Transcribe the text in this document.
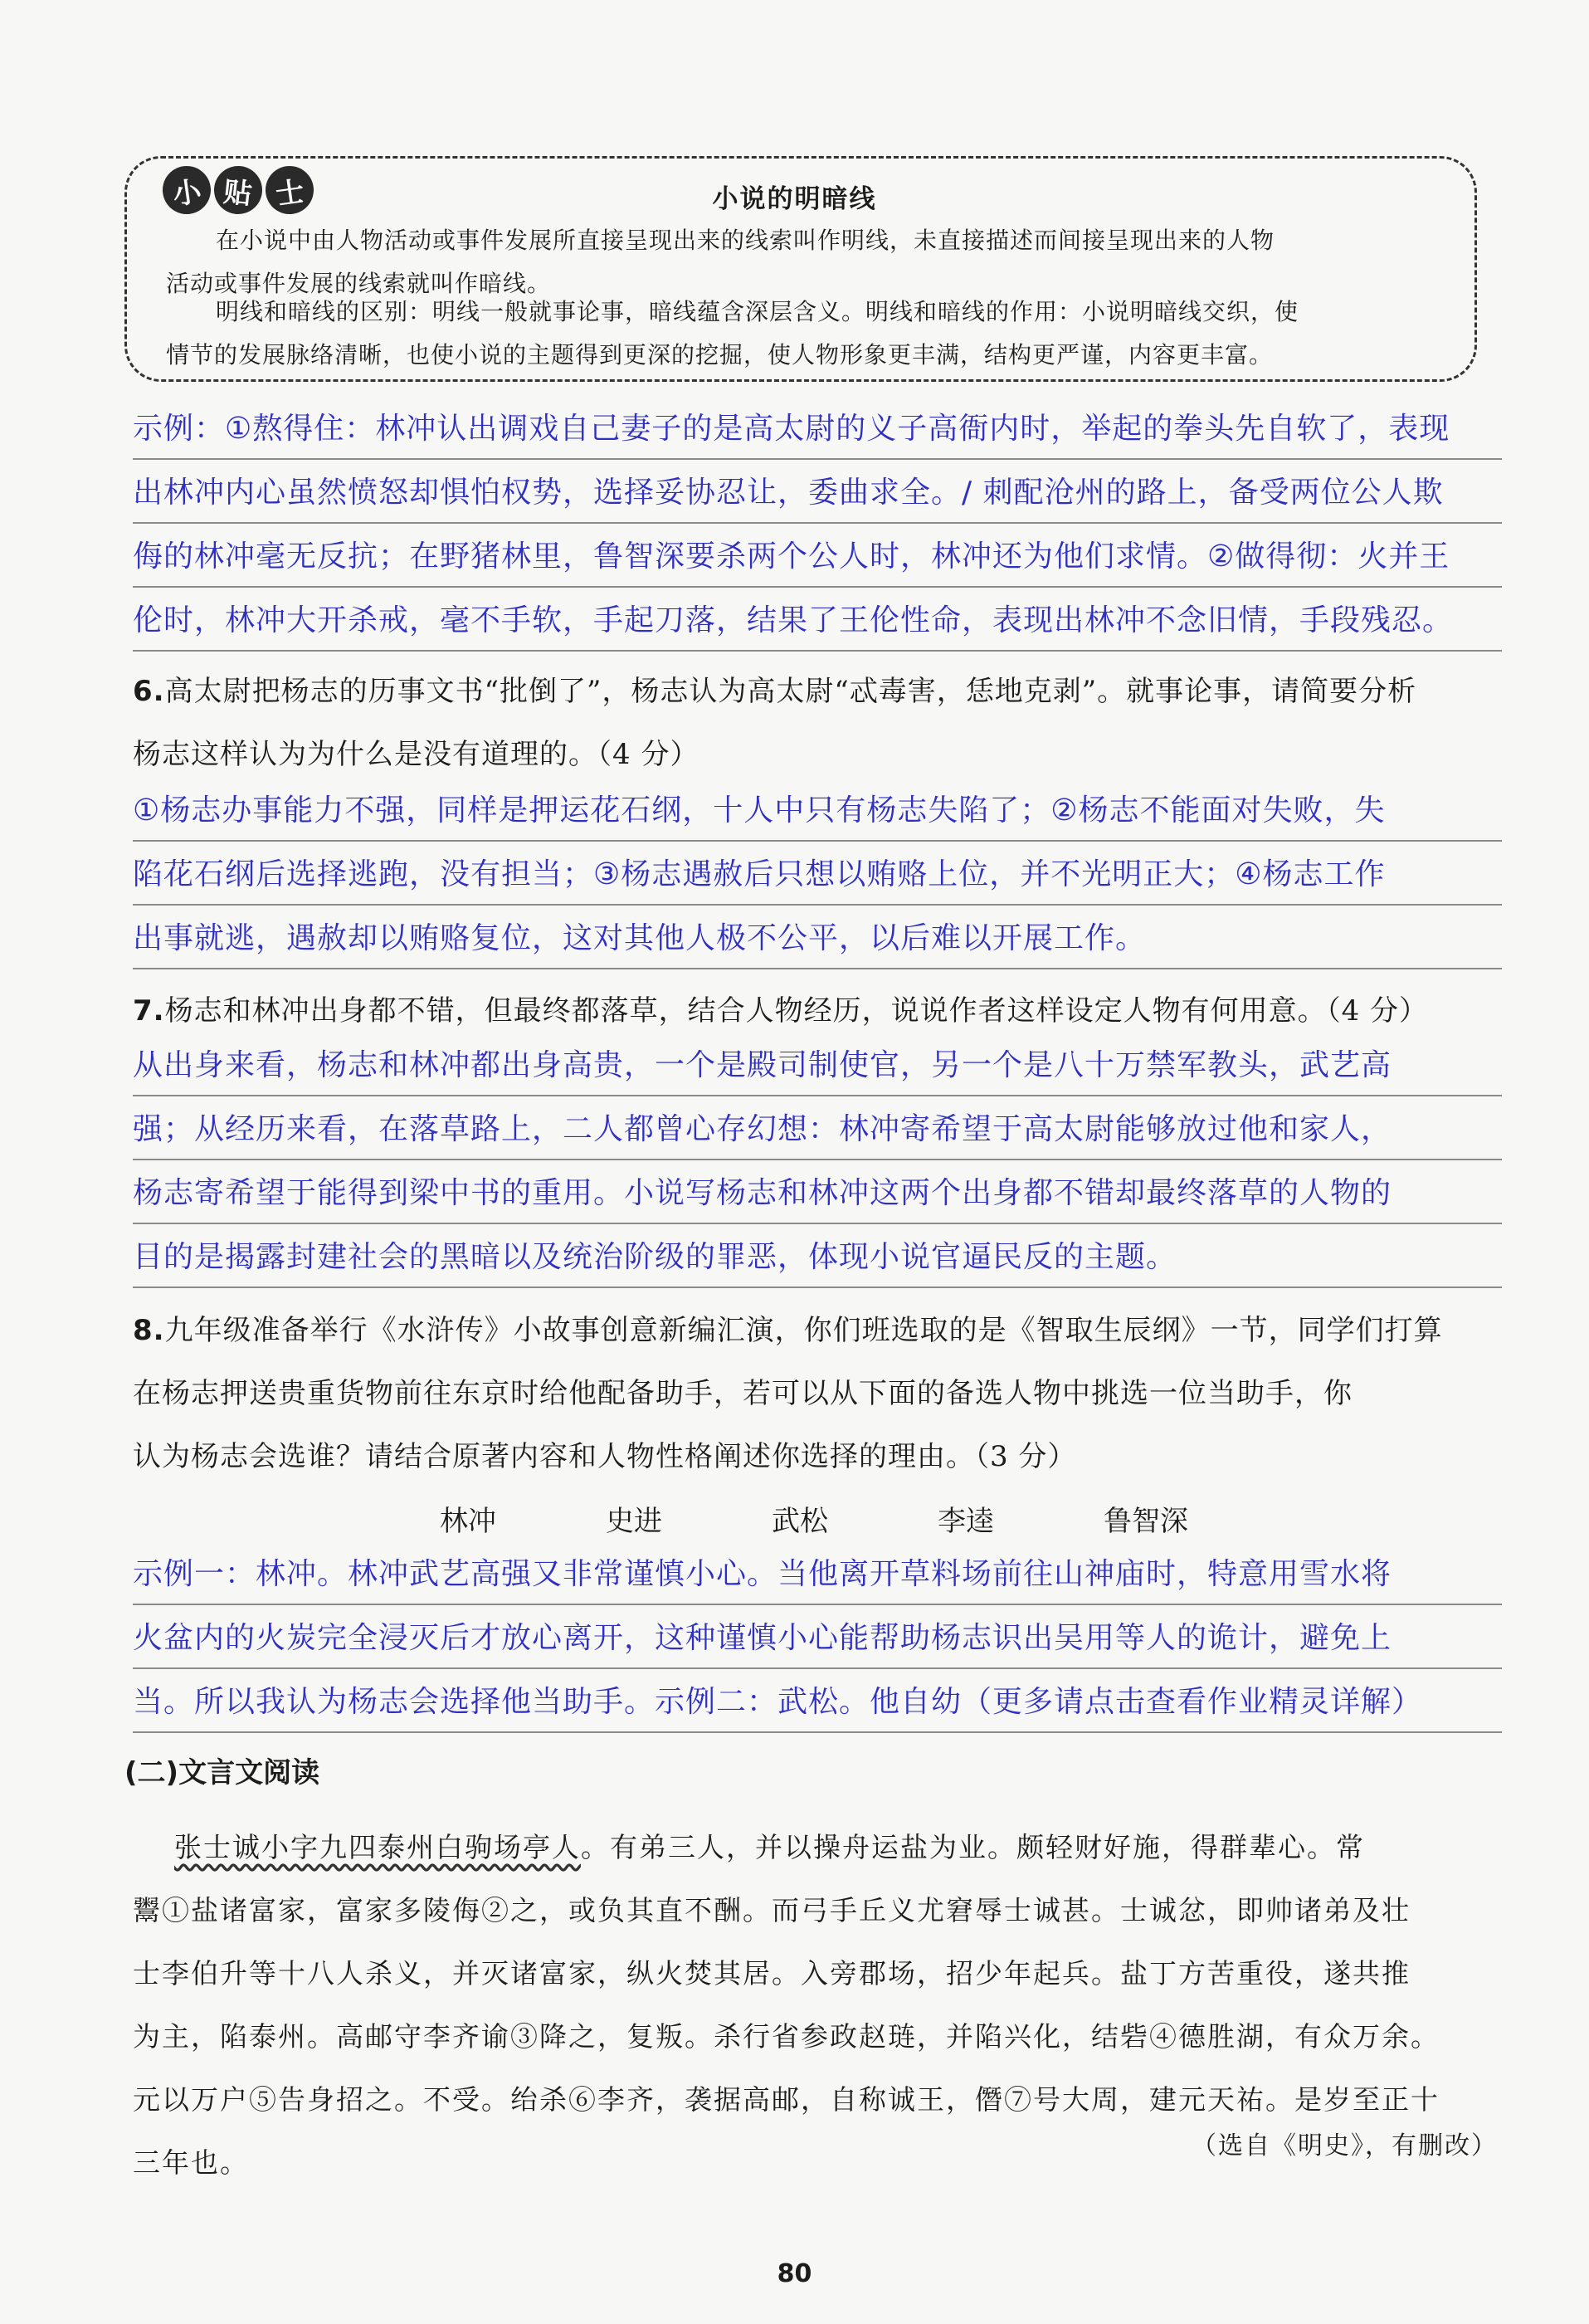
小 贴 士	小说的明暗线
在小说中由人物活动或事件发展所直接呈现出来的线索叫作明线，未直接描述而间接呈现出来的人物
活动或事件发展的线索就叫作暗线。
明线和暗线的区别：明线一般就事论事，暗线蕴含深层含义。明线和暗线的作用：小说明暗线交织，使
情节的发展脉络清晰，也使小说的主题得到更深的挖掘，使人物形象更丰满，结构更严谨，内容更丰富。
示例：①熬得住：林冲认出调戏自己妻子的是高太尉的义子高衙内时，举起的拳头先自软了，表现
出林冲内心虽然愤怒却惧怕权势，选择妥协忍让，委曲求全。/ 刺配沧州的路上，备受两位公人欺
侮的林冲毫无反抗；在野猪林里，鲁智深要杀两个公人时，林冲还为他们求情。②做得彻：火并王
伦时，林冲大开杀戒，毫不手软，手起刀落，结果了王伦性命，表现出林冲不念旧情，手段残忍。
6.高太尉把杨志的历事文书“批倒了”，杨志认为高太尉“忒毒害，恁地克剥”。就事论事，请简要分析
杨志这样认为为什么是没有道理的。（4 分）
①杨志办事能力不强，同样是押运花石纲，十人中只有杨志失陷了；②杨志不能面对失败，失
陷花石纲后选择逃跑，没有担当；③杨志遇赦后只想以贿赂上位，并不光明正大；④杨志工作
出事就逃，遇赦却以贿赂复位，这对其他人极不公平，以后难以开展工作。
7.杨志和林冲出身都不错，但最终都落草，结合人物经历，说说作者这样设定人物有何用意。（4 分）
从出身来看，杨志和林冲都出身高贵，一个是殿司制使官，另一个是八十万禁军教头，武艺高
强；从经历来看，在落草路上，二人都曾心存幻想：林冲寄希望于高太尉能够放过他和家人，
杨志寄希望于能得到梁中书的重用。小说写杨志和林冲这两个出身都不错却最终落草的人物的
目的是揭露封建社会的黑暗以及统治阶级的罪恶，体现小说官逼民反的主题。
8.九年级准备举行《水浒传》小故事创意新编汇演，你们班选取的是《智取生辰纲》一节，同学们打算
在杨志押送贵重货物前往东京时给他配备助手，若可以从下面的备选人物中挑选一位当助手，你
认为杨志会选谁？请结合原著内容和人物性格阐述你选择的理由。（3 分）
林冲	史进	武松	李逵	鲁智深
示例一：林冲。林冲武艺高强又非常谨慎小心。当他离开草料场前往山神庙时，特意用雪水将
火盆内的火炭完全浸灭后才放心离开，这种谨慎小心能帮助杨志识出吴用等人的诡计，避免上
当。所以我认为杨志会选择他当助手。示例二：武松。他自幼（更多请点击查看作业精灵详解）
(二)文言文阅读
张士诚小字九四泰州白驹场亭人。有弟三人，并以操舟运盐为业。颇轻财好施，得群辈心。常
鬻①盐诸富家，富家多陵侮②之，或负其直不酬。而弓手丘义尤窘辱士诚甚。士诚忿，即帅诸弟及壮
士李伯升等十八人杀义，并灭诸富家，纵火焚其居。入旁郡场，招少年起兵。盐丁方苦重役，遂共推
为主，陷泰州。高邮守李齐谕③降之，复叛。杀行省参政赵琏，并陷兴化，结砦④德胜湖，有众万余。
元以万户⑤告身招之。不受。绐杀⑥李齐，袭据高邮，自称诚王，僭⑦号大周，建元天祐。是岁至正十
三年也。
（选自《明史》，有删改）
80
